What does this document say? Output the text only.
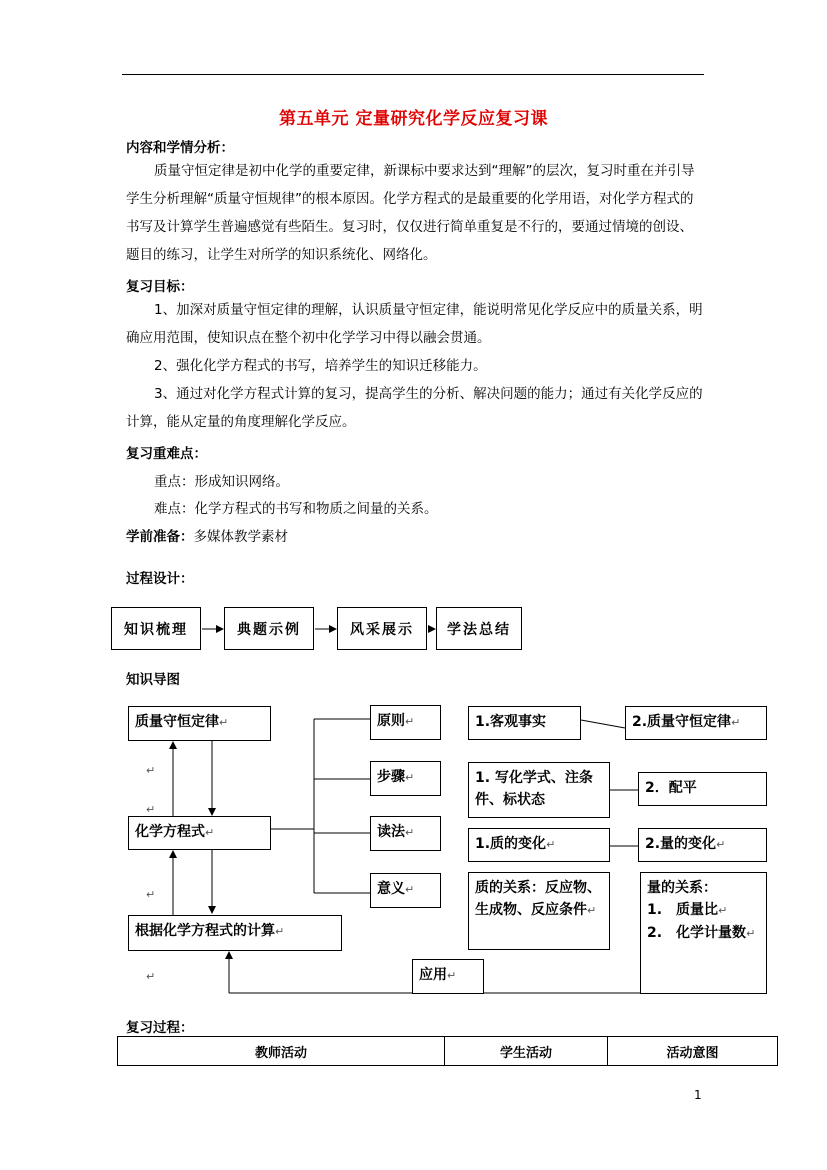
第五单元 定量研究化学反应复习课
内容和学情分析：

质量守恒定律是初中化学的重要定律，新课标中要求达到“理解”的层次，复习时重在并引导学生分析理解“质量守恒规律”的根本原因。化学方程式的是最重要的化学用语，对化学方程式的书写及计算学生普遍感觉有些陌生。复习时，仅仅进行简单重复是不行的，要通过情境的创设、题目的练习，让学生对所学的知识系统化、网络化。

复习目标：

1、加深对质量守恒定律的理解，认识质量守恒定律，能说明常见化学反应中的质量关系，明确应用范围，使知识点在整个初中化学学习中得以融会贯通。

2、强化化学方程式的书写，培养学生的知识迁移能力。

3、通过对化学方程式计算的复习，提高学生的分析、解决问题的能力；通过有关化学反应的计算，能从定量的角度理解化学反应。

复习重难点：
重点：形成知识网络。
难点：化学方程式的书写和物质之间量的关系。
学前准备：多媒体教学素材
过程设计：
知识梳理	典题示例	风采展示	学法总结
知识导图
质量守恒定律↵
化学方程式↵
根据化学方程式的计算↵
↵
↵
↵
↵
原则↵
步骤↵
读法↵
意义↵
1.客观事实	2.质量守恒定律↵
1. 写化学式、注条件、标状态
2．配平
1.质的变化↵	2.量的变化↵
质的关系：反应物、生成物、反应条件↵
量的关系：
1.　质量比↵
2.　化学计量数↵
应用↵
复习过程：
教师活动	学生活动	活动意图
1
